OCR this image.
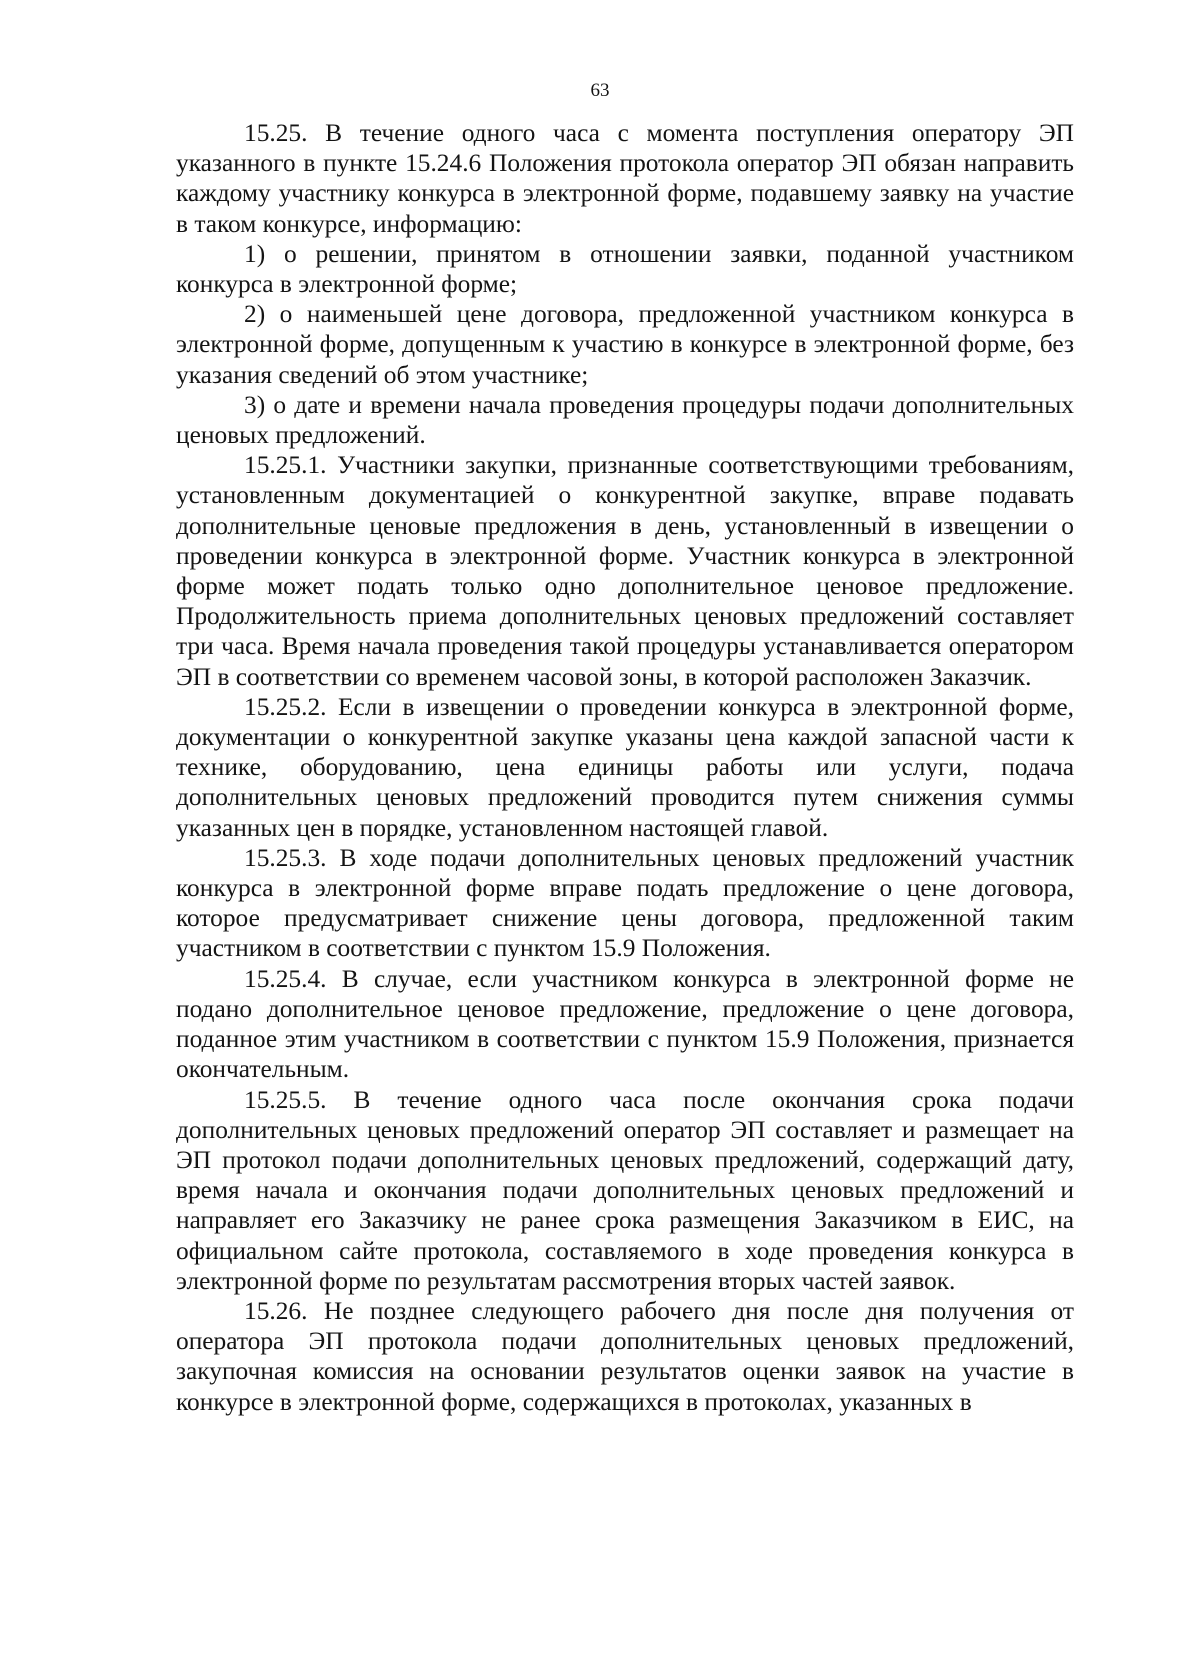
63

15.25. В течение одного часа с момента поступления оператору ЭП указанного в пункте 15.24.6 Положения протокола оператор ЭП обязан направить каждому участнику конкурса в электронной форме, подавшему заявку на участие в таком конкурсе, информацию:

1) о решении, принятом в отношении заявки, поданной участником конкурса в электронной форме;

2) о наименьшей цене договора, предложенной участником конкурса в электронной форме, допущенным к участию в конкурсе в электронной форме, без указания сведений об этом участнике;

3) о дате и времени начала проведения процедуры подачи дополнительных ценовых предложений.

15.25.1. Участники закупки, признанные соответствующими требованиям, установленным документацией о конкурентной закупке, вправе подавать дополнительные ценовые предложения в день, установленный в извещении о проведении конкурса в электронной форме. Участник конкурса в электронной форме может подать только одно дополнительное ценовое предложение. Продолжительность приема дополнительных ценовых предложений составляет три часа. Время начала проведения такой процедуры устанавливается оператором ЭП в соответствии со временем часовой зоны, в которой расположен Заказчик.

15.25.2. Если в извещении о проведении конкурса в электронной форме, документации о конкурентной закупке указаны цена каждой запасной части к технике, оборудованию, цена единицы работы или услуги, подача дополнительных ценовых предложений проводится путем снижения суммы указанных цен в порядке, установленном настоящей главой.

15.25.3. В ходе подачи дополнительных ценовых предложений участник конкурса в электронной форме вправе подать предложение о цене договора, которое предусматривает снижение цены договора, предложенной таким участником в соответствии с пунктом 15.9 Положения.

15.25.4. В случае, если участником конкурса в электронной форме не подано дополнительное ценовое предложение, предложение о цене договора, поданное этим участником в соответствии с пунктом 15.9 Положения, признается окончательным.

15.25.5. В течение одного часа после окончания срока подачи дополнительных ценовых предложений оператор ЭП составляет и размещает на ЭП протокол подачи дополнительных ценовых предложений, содержащий дату, время начала и окончания подачи дополнительных ценовых предложений и направляет его Заказчику не ранее срока размещения Заказчиком в ЕИС, на официальном сайте протокола, составляемого в ходе проведения конкурса в электронной форме по результатам рассмотрения вторых частей заявок.

15.26. Не позднее следующего рабочего дня после дня получения от оператора ЭП протокола подачи дополнительных ценовых предложений, закупочная комиссия на основании результатов оценки заявок на участие в конкурсе в электронной форме, содержащихся в протоколах, указанных в
